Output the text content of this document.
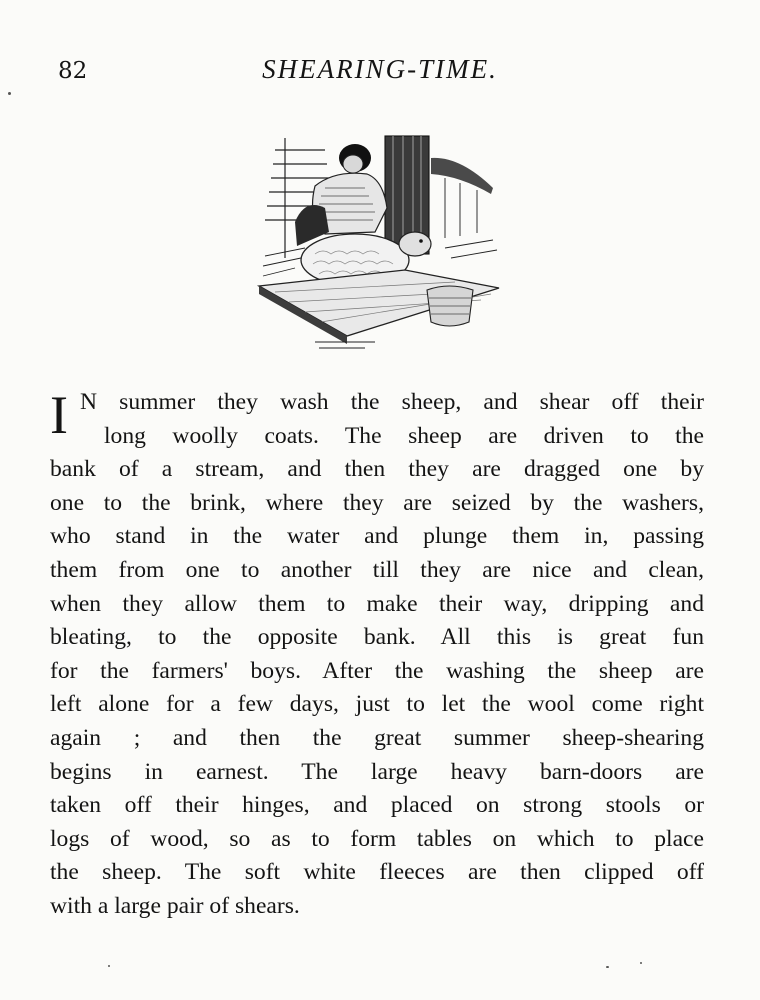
82	SHEARING-TIME.
I N summer they wash the sheep, and shear off their
long woolly coats. The sheep are driven to the
bank of a stream, and then they are dragged one by
one to the brink, where they are seized by the washers,
who stand in the water and plunge them in, passing
them from one to another till they are nice and clean,
when they allow them to make their way, dripping and
bleating, to the opposite bank. All this is great fun
for the farmers' boys. After the washing the sheep are
left alone for a few days, just to let the wool come right
again ; and then the great summer sheep-shearing
begins in earnest. The large heavy barn-doors are
taken off their hinges, and placed on strong stools or
logs of wood, so as to form tables on which to place
the sheep. The soft white fleeces are then clipped off
with a large pair of shears.
